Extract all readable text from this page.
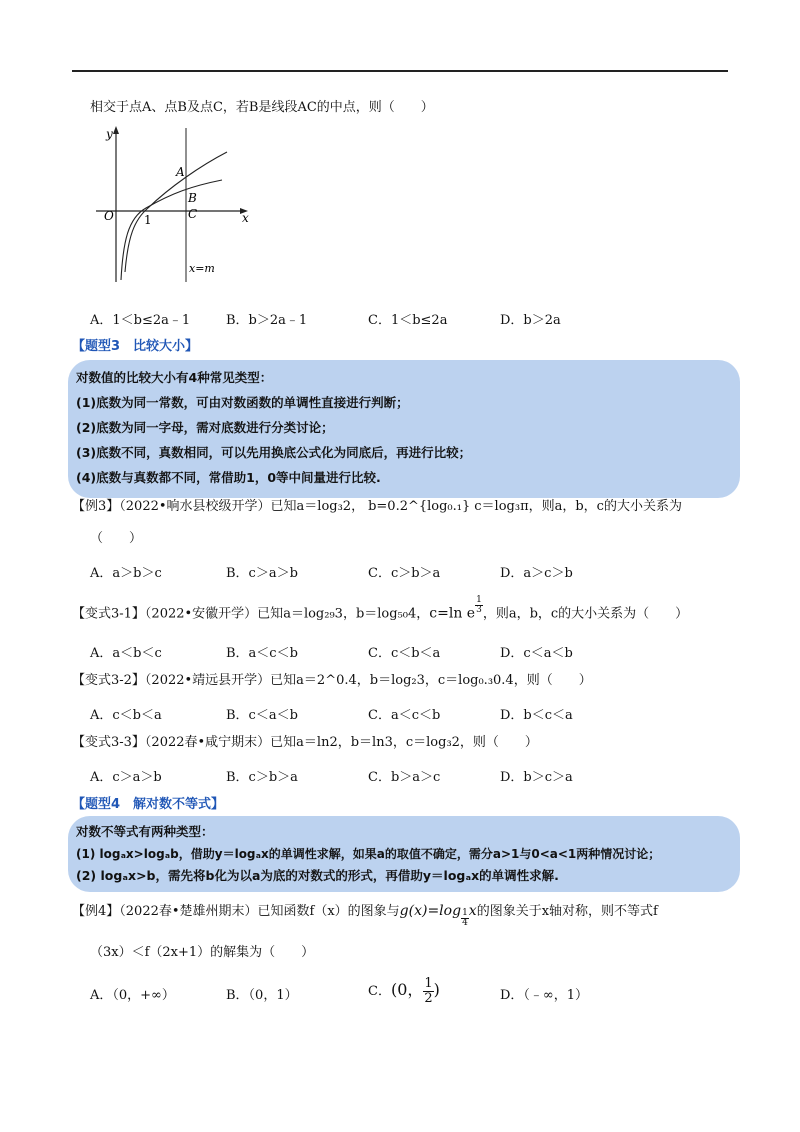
相交于点A、点B及点C，若B是线段AC的中点，则（　　）
y
x
O	1
A
B
C
x=m
A．1＜b≤2a﹣1	B．b＞2a﹣1	C．1＜b≤2a	D．b＞2a
【题型3　比较大小】
对数值的比较大小有4种常见类型：
(1)底数为同一常数，可由对数函数的单调性直接进行判断；
(2)底数为同一字母，需对底数进行分类讨论；
(3)底数不同，真数相同，可以先用换底公式化为同底后，再进行比较；
(4)底数与真数都不同，常借助1，0等中间量进行比较.
【例3】（2022•响水县校级开学）已知a＝log₃2， b=0.2^{log₀.₁} c＝log₃π，则a，b，c的大小关系为
（　　）
A．a＞b＞c	B．c＞a＞b	C．c＞b＞a	D．a＞c＞b
【变式3-1】（2022•安徽开学）已知a＝log₂₉3，b＝log₅₀4，c=ln e $\frac{1}{3}$ ，则a，b，c的大小关系为（　　）
A．a＜b＜c	B．a＜c＜b	C．c＜b＜a	D．c＜a＜b
【变式3-2】（2022•靖远县开学）已知a＝2^0.4，b＝log₂3，c＝log₀.₃0.4，则（　　）
A．c＜b＜a	B．c＜a＜b	C．a＜c＜b	D．b＜c＜a
【变式3-3】（2022春•咸宁期末）已知a＝ln2，b＝ln3，c＝log₃2，则（　　）
A．c＞a＞b	B．c＞b＞a	C．b＞a＞c	D．b＞c＞a
【题型4　解对数不等式】
对数不等式有两种类型：
(1) logₐx>logₐb，借助y＝logₐx的单调性求解，如果a的取值不确定，需分a>1与0<a<1两种情况讨论；
(2) logₐx>b，需先将b化为以a为底的对数式的形式，再借助y＝logₐx的单调性求解.
【例4】（2022春•楚雄州期末）已知函数f（x）的图象与$g(x)=\log \frac{1}{4}$ x的图象关于x轴对称，则不等式f
（3x）＜f（2x+1）的解集为（　　）
A．（0，+∞）	B．（0，1）	C．(0， $\frac{1}{2}$ )	D．（﹣∞，1）
